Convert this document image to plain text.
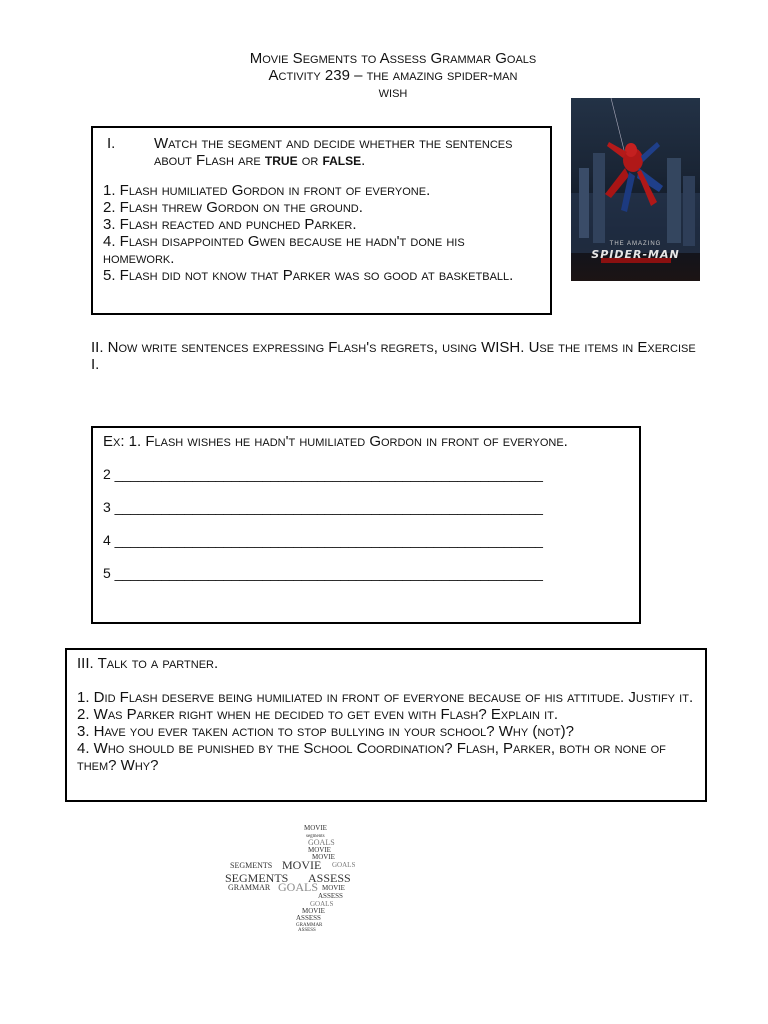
Movie Segments to Assess Grammar Goals
Activity 239 – the amazing spider-man
wish
THE AMAZING
SPIDER-MAN
I.	Watch the segment and decide whether the sentences about Flash are TRUE or FALSE.
1. Flash humiliated Gordon in front of everyone.
2. Flash threw Gordon on the ground.
3. Flash reacted and punched Parker.
4. Flash disappointed Gwen because he hadn't done his homework.
5. Flash did not know that Parker was so good at basketball.
II. Now write sentences expressing Flash's regrets, using WISH. Use the items in Exercise I.
Ex: 1. Flash wishes he hadn't humiliated Gordon in front of everyone.
2 _______________________________________________________
3 _______________________________________________________
4 _______________________________________________________
5 _______________________________________________________
III. Talk to a partner.
1. Did Flash deserve being humiliated in front of everyone because of his attitude. Justify it.
2. Was Parker right when he decided to get even with Flash? Explain it.
3. Have you ever taken action to stop bullying in your school? Why (not)?
4. Who should be punished by the School Coordination? Flash, Parker, both or none of them? Why?
MOVIE
segments
GOALS
MOVIE
MOVIE
SEGMENTS MOVIE GOALS
SEGMENTS ASSESS
GRAMMAR GOALS MOVIE
ASSESS
GOALS
MOVIE
ASSESS
GRAMMAR
ASSESS
